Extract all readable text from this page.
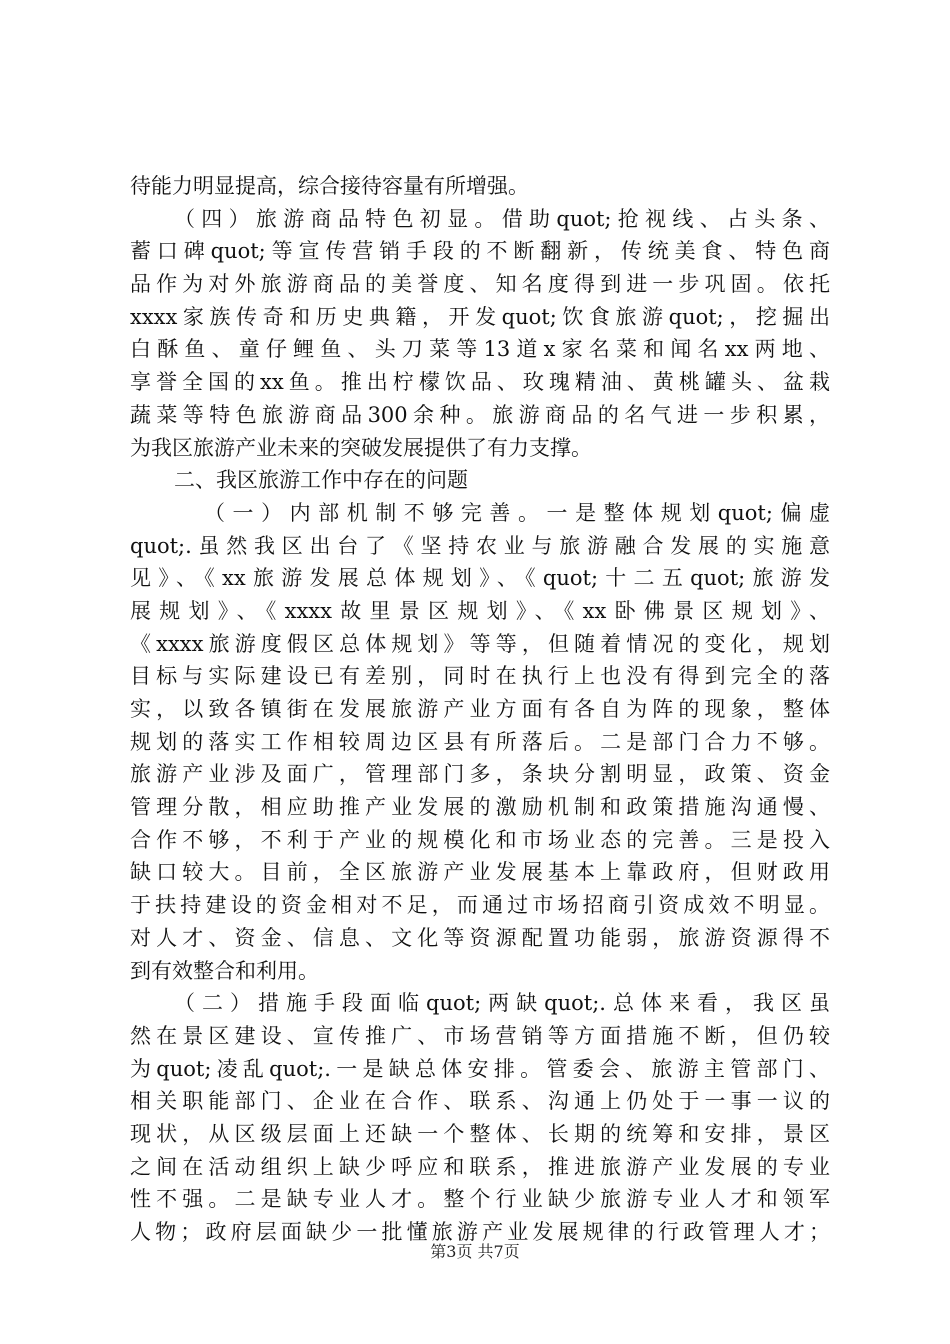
待能力明显提高，综合接待容量有所增强。
（四）旅游商品特色初显。借助quot;抢视线、占头条、
蓄口碑quot;等宣传营销手段的不断翻新，传统美食、特色商
品作为对外旅游商品的美誉度、知名度得到进一步巩固。依托
xxxx家族传奇和历史典籍，开发quot;饮食旅游quot;，挖掘出
白酥鱼、童仔鲤鱼、头刀菜等13道x家名菜和闻名xx两地、
享誉全国的xx鱼。推出柠檬饮品、玫瑰精油、黄桃罐头、盆栽
蔬菜等特色旅游商品300余种。旅游商品的名气进一步积累，
为我区旅游产业未来的突破发展提供了有力支撑。
二、我区旅游工作中存在的问题
（一）内部机制不够完善。一是整体规划quot;偏虚
quot;.虽然我区出台了《坚持农业与旅游融合发展的实施意
见》、《xx旅游发展总体规划》、《quot;十二五quot;旅游发
展规划》、《xxxx故里景区规划》、《xx卧佛景区规划》、
《xxxx旅游度假区总体规划》等等，但随着情况的变化，规划
目标与实际建设已有差别，同时在执行上也没有得到完全的落
实，以致各镇街在发展旅游产业方面有各自为阵的现象，整体
规划的落实工作相较周边区县有所落后。二是部门合力不够。
旅游产业涉及面广，管理部门多，条块分割明显，政策、资金
管理分散，相应助推产业发展的激励机制和政策措施沟通慢、
合作不够，不利于产业的规模化和市场业态的完善。三是投入
缺口较大。目前，全区旅游产业发展基本上靠政府，但财政用
于扶持建设的资金相对不足，而通过市场招商引资成效不明显。
对人才、资金、信息、文化等资源配置功能弱，旅游资源得不
到有效整合和利用。
（二）措施手段面临quot;两缺quot;.总体来看，我区虽
然在景区建设、宣传推广、市场营销等方面措施不断，但仍较
为quot;凌乱quot;.一是缺总体安排。管委会、旅游主管部门、
相关职能部门、企业在合作、联系、沟通上仍处于一事一议的
现状，从区级层面上还缺一个整体、长期的统筹和安排，景区
之间在活动组织上缺少呼应和联系，推进旅游产业发展的专业
性不强。二是缺专业人才。整个行业缺少旅游专业人才和领军
人物；政府层面缺少一批懂旅游产业发展规律的行政管理人才；
第3页 共7页
